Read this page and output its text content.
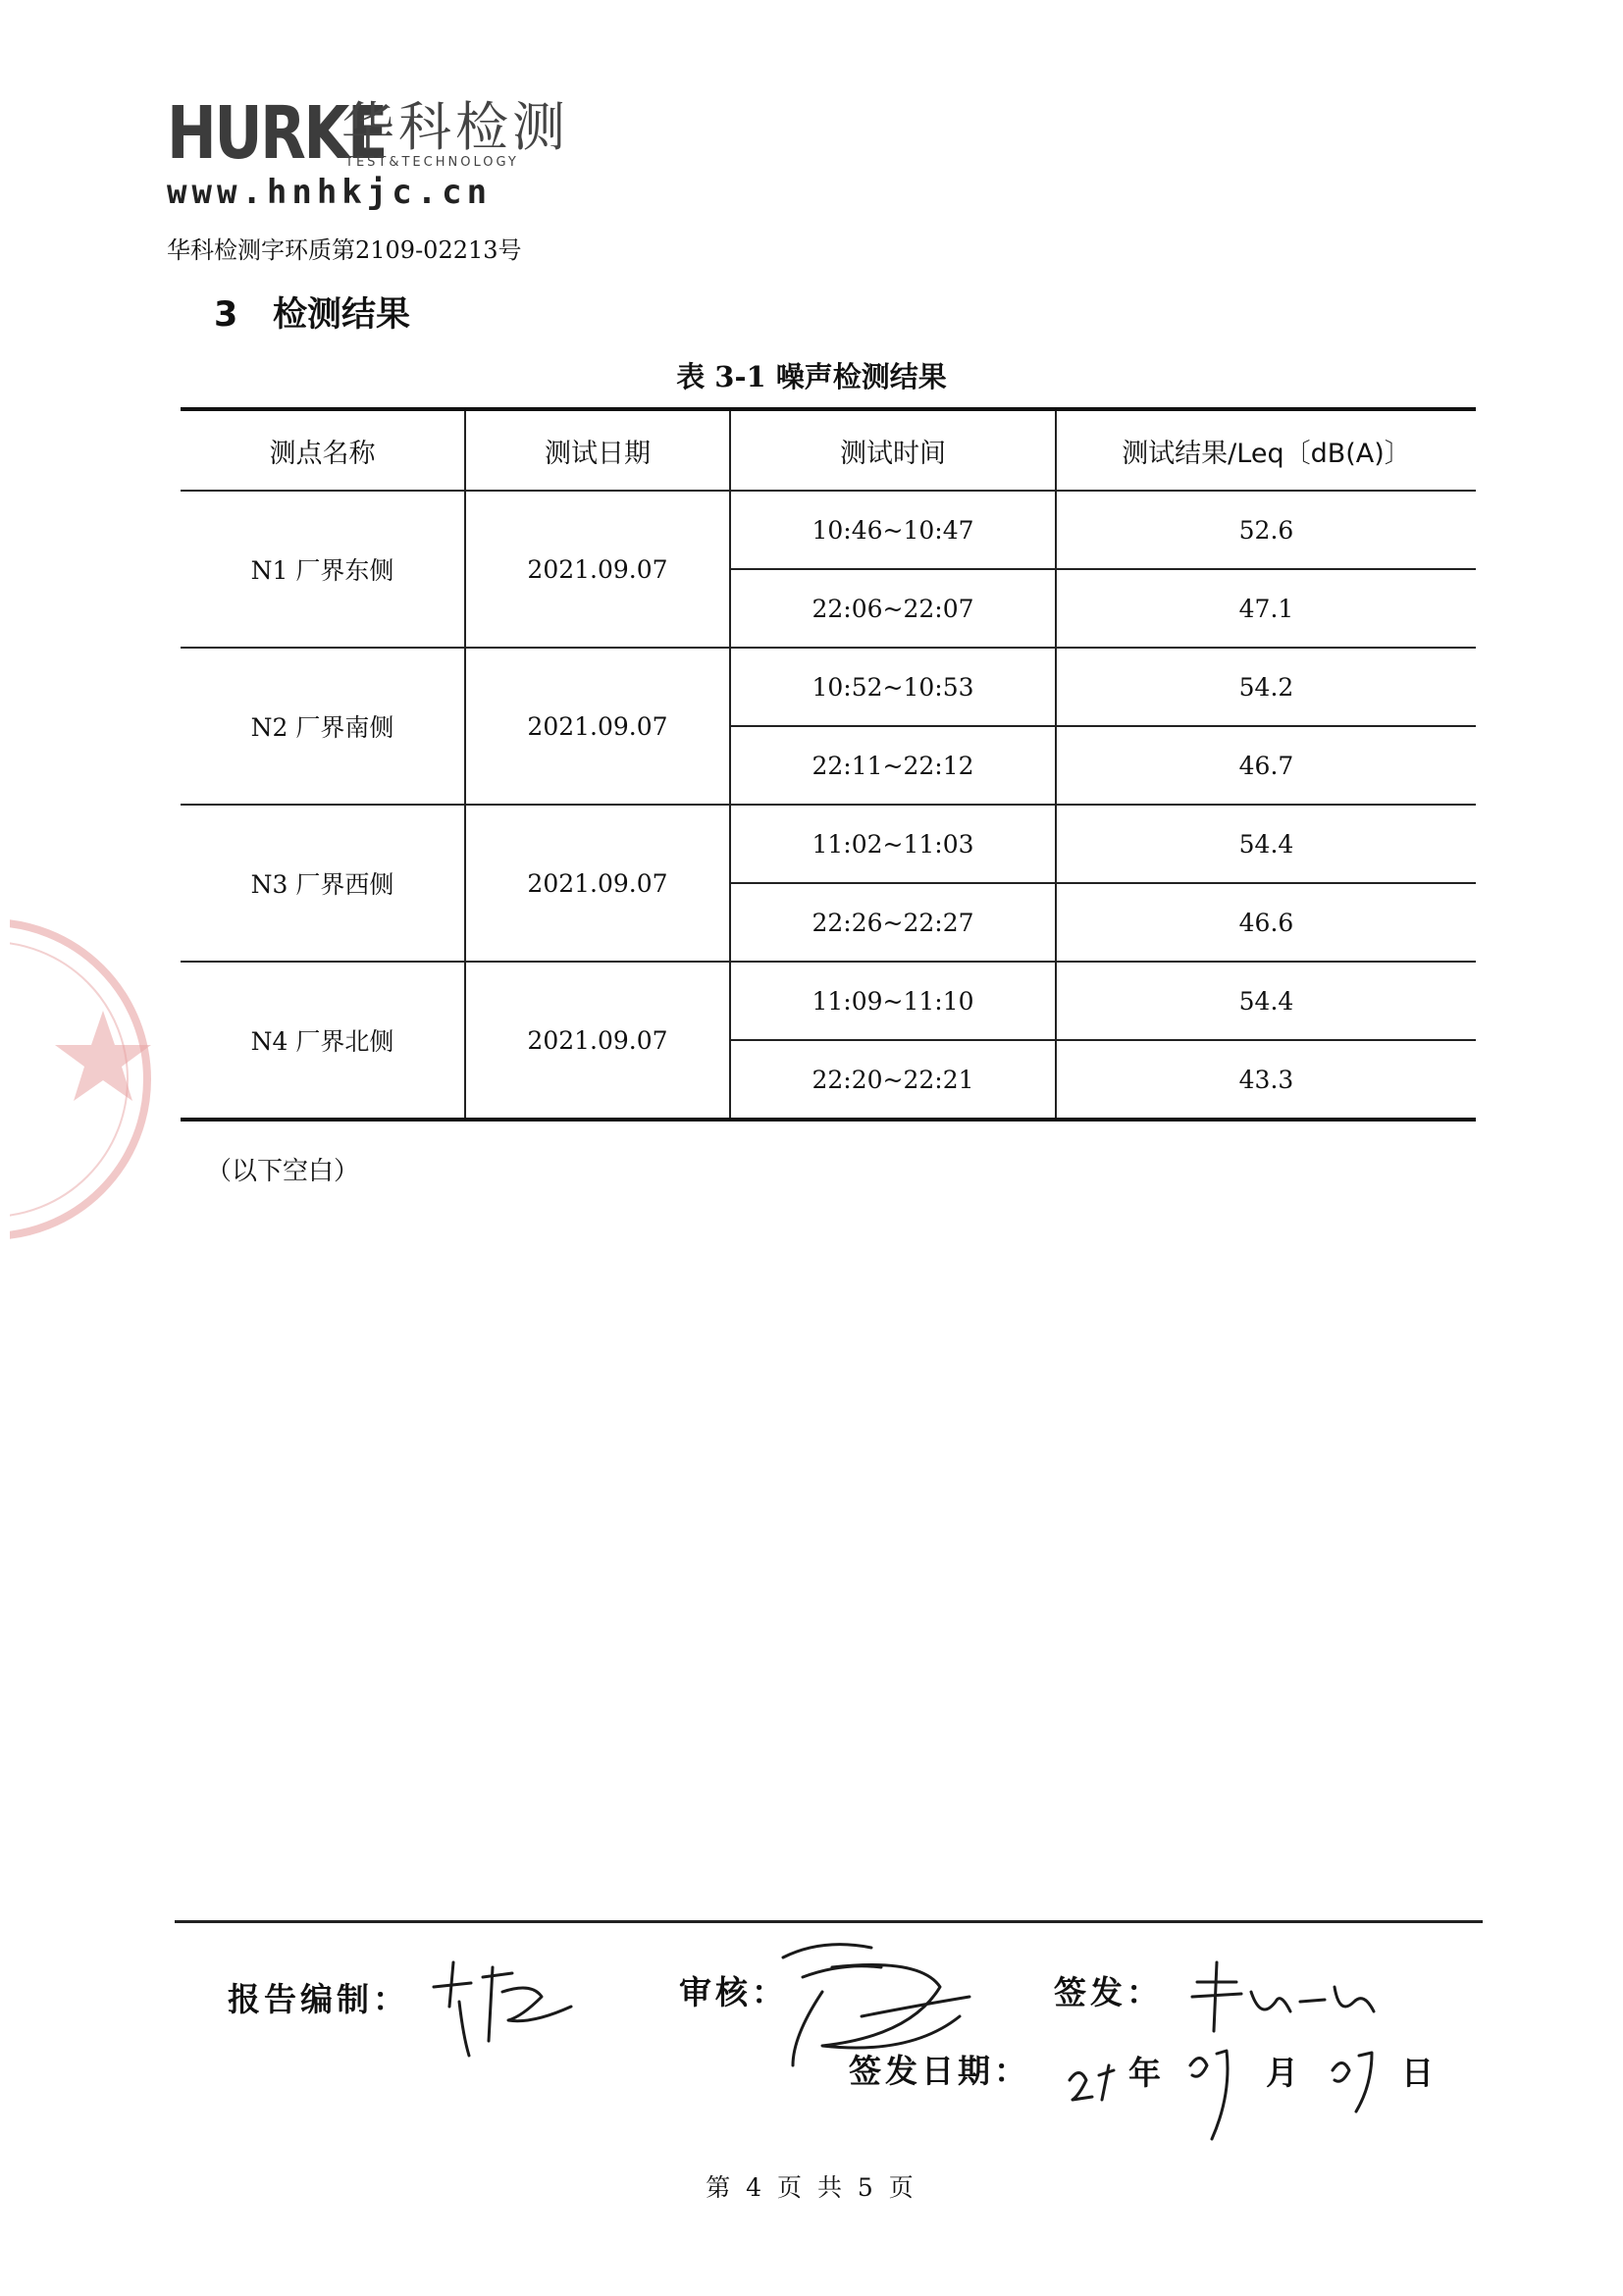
HURKE
华科检测
TEST&TECHNOLOGY
www.hnhkjc.cn
华科检测字环质第2109-02213号
3 检测结果
表 3-1 噪声检测结果
测点名称	测试日期	测试时间	测试结果/Leq〔dB(A)〕
N1 厂界东侧	2021.09.07	10:46~10:47	52.6
		22:06~22:07	47.1
N2 厂界南侧	2021.09.07	10:52~10:53	54.2
		22:11~22:12	46.7
N3 厂界西侧	2021.09.07	11:02~11:03	54.4
		22:26~22:27	46.6
N4 厂界北侧	2021.09.07	11:09~11:10	54.4
		22:20~22:21	43.3
（以下空白）
报告编制：	审核：	签发：
签发日期：	年	月	日
第 4 页 共 5 页
